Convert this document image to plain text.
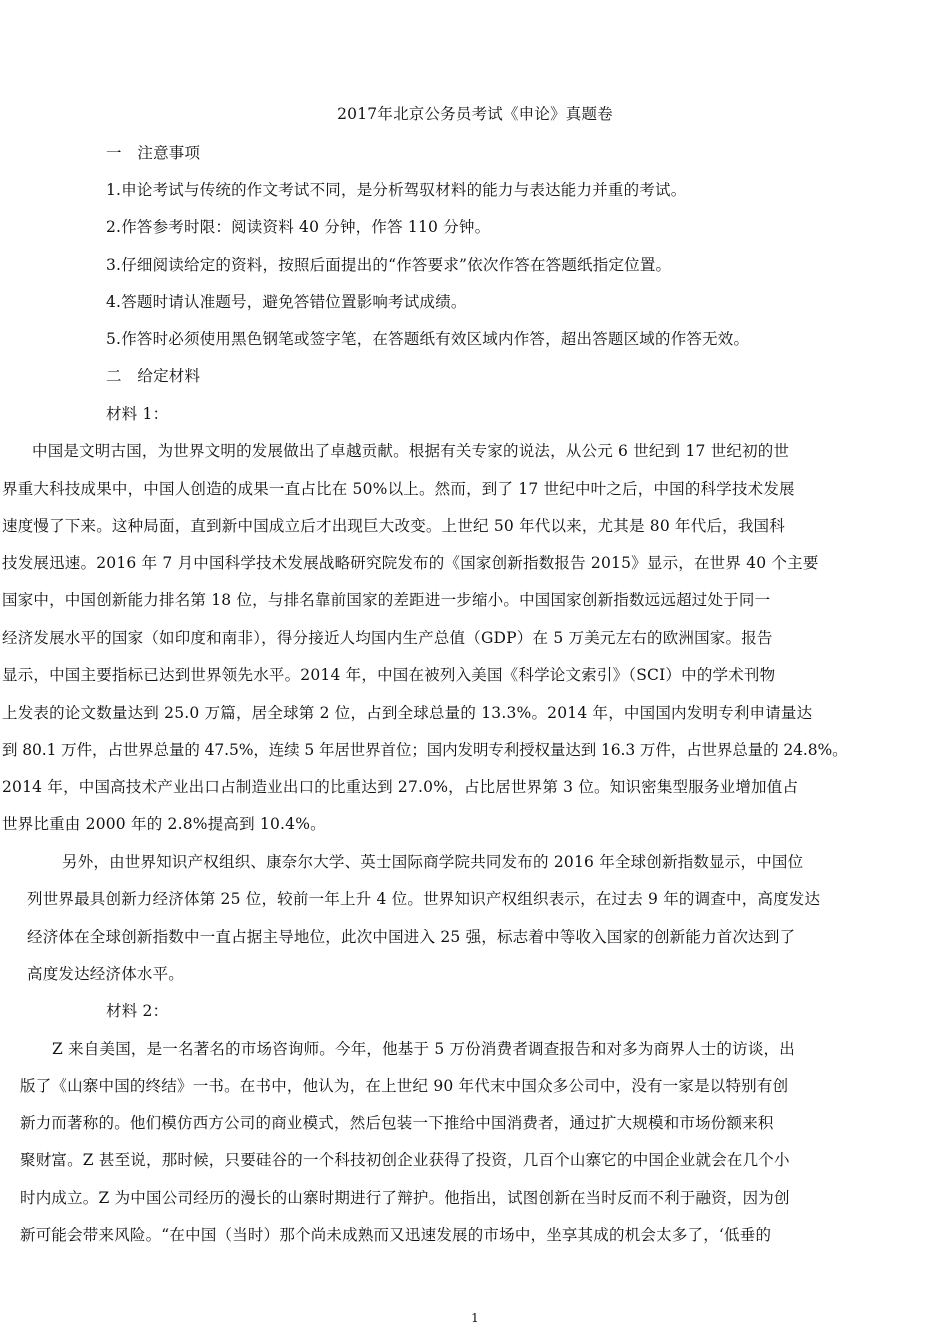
2017年北京公务员考试《申论》真题卷
一　注意事项
1.申论考试与传统的作文考试不同，是分析驾驭材料的能力与表达能力并重的考试。
2.作答参考时限：阅读资料 40 分钟，作答 110 分钟。
3.仔细阅读给定的资料，按照后面提出的“作答要求”依次作答在答题纸指定位置。
4.答题时请认准题号，避免答错位置影响考试成绩。
5.作答时必须使用黑色钢笔或签字笔，在答题纸有效区域内作答，超出答题区域的作答无效。
二　给定材料
材料 1：
中国是文明古国，为世界文明的发展做出了卓越贡献。根据有关专家的说法，从公元 6 世纪到 17 世纪初的世
界重大科技成果中，中国人创造的成果一直占比在 50%以上。然而，到了 17 世纪中叶之后，中国的科学技术发展
速度慢了下来。这种局面，直到新中国成立后才出现巨大改变。上世纪 50 年代以来，尤其是 80 年代后，我国科
技发展迅速。2016 年 7 月中国科学技术发展战略研究院发布的《国家创新指数报告 2015》显示，在世界 40 个主要
国家中，中国创新能力排名第 18 位，与排名靠前国家的差距进一步缩小。中国国家创新指数远远超过处于同一
经济发展水平的国家（如印度和南非），得分接近人均国内生产总值（GDP）在 5 万美元左右的欧洲国家。报告
显示，中国主要指标已达到世界领先水平。2014 年，中国在被列入美国《科学论文索引》（SCI）中的学术刊物
上发表的论文数量达到 25.0 万篇，居全球第 2 位，占到全球总量的 13.3%。2014 年，中国国内发明专利申请量达
到 80.1 万件，占世界总量的 47.5%，连续 5 年居世界首位；国内发明专利授权量达到 16.3 万件，占世界总量的 24.8%。
2014 年，中国高技术产业出口占制造业出口的比重达到 27.0%，占比居世界第 3 位。知识密集型服务业增加值占
世界比重由 2000 年的 2.8%提高到 10.4%。
另外，由世界知识产权组织、康奈尔大学、英士国际商学院共同发布的 2016 年全球创新指数显示，中国位
列世界最具创新力经济体第 25 位，较前一年上升 4 位。世界知识产权组织表示，在过去 9 年的调查中，高度发达
经济体在全球创新指数中一直占据主导地位，此次中国进入 25 强，标志着中等收入国家的创新能力首次达到了
高度发达经济体水平。
材料 2：
Z 来自美国，是一名著名的市场咨询师。今年，他基于 5 万份消费者调查报告和对多为商界人士的访谈，出
版了《山寨中国的终结》一书。在书中，他认为，在上世纪 90 年代末中国众多公司中，没有一家是以特别有创
新力而著称的。他们模仿西方公司的商业模式，然后包装一下推给中国消费者，通过扩大规模和市场份额来积
聚财富。Z 甚至说，那时候，只要硅谷的一个科技初创企业获得了投资，几百个山寨它的中国企业就会在几个小
时内成立。Z 为中国公司经历的漫长的山寨时期进行了辩护。他指出，试图创新在当时反而不利于融资，因为创
新可能会带来风险。“在中国（当时）那个尚未成熟而又迅速发展的市场中，坐享其成的机会太多了，‘低垂的
1
